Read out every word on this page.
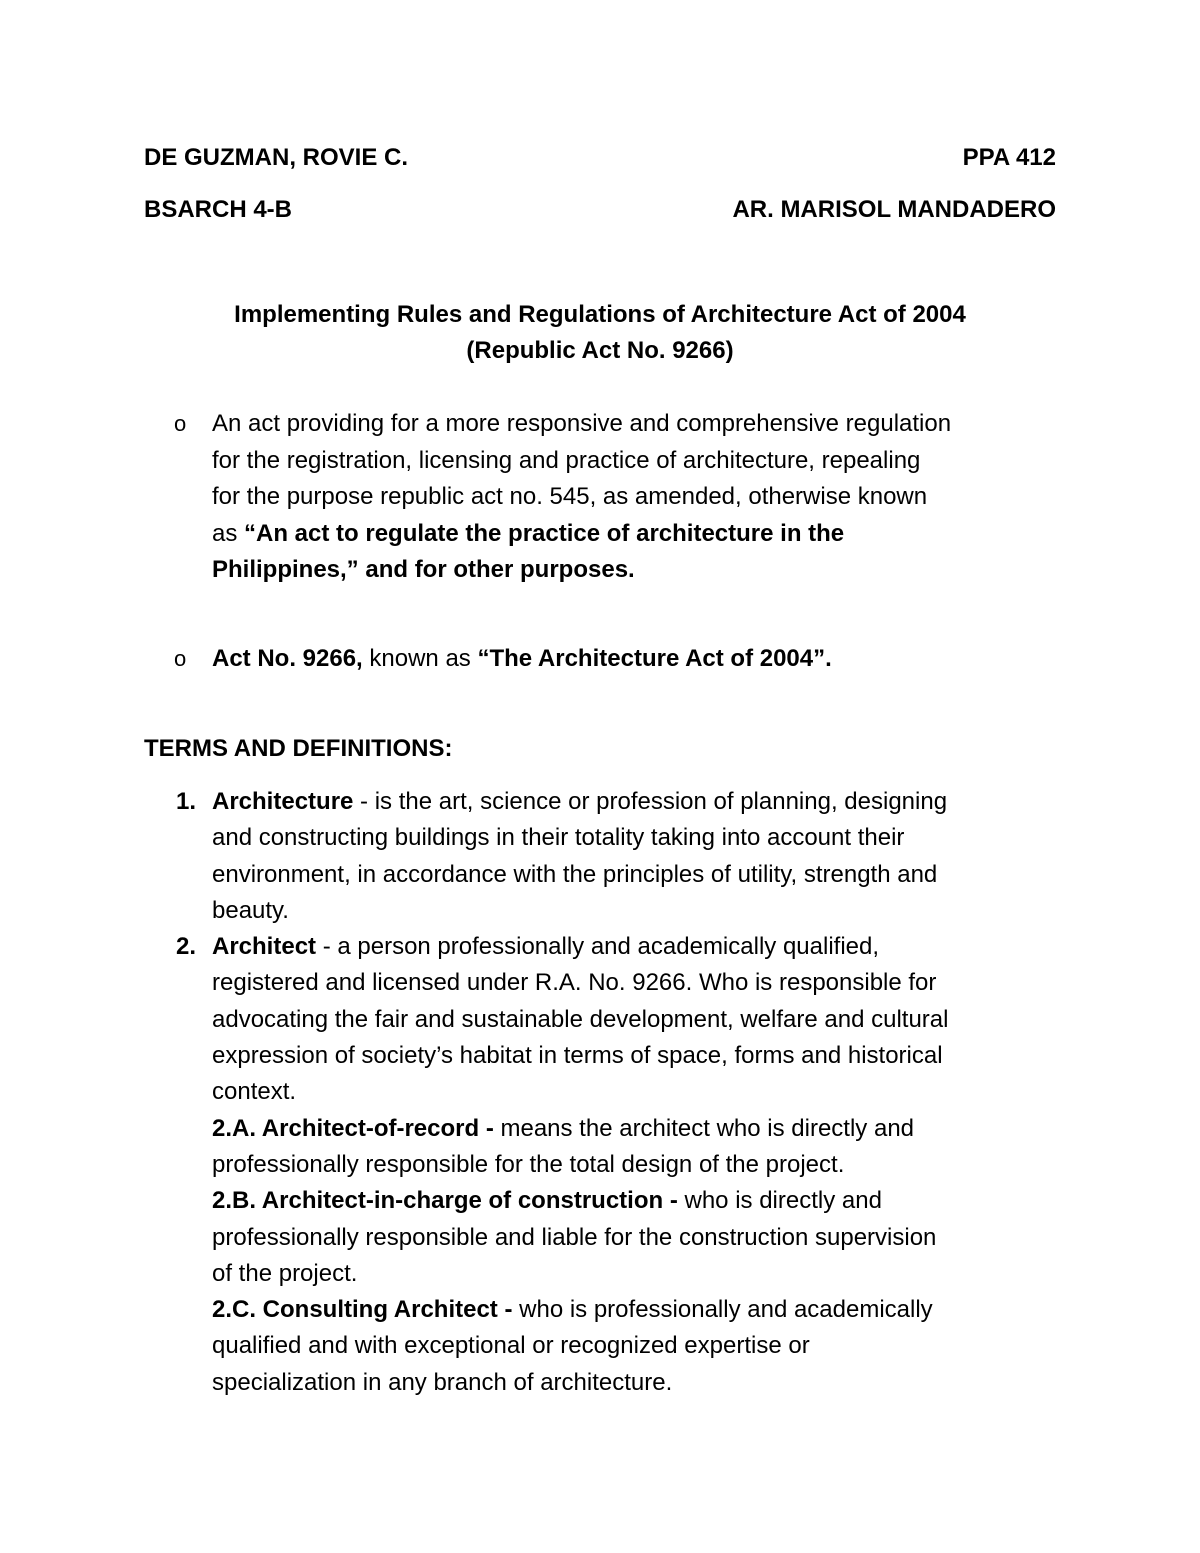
DE GUZMAN, ROVIE C.	PPA 412
BSARCH 4-B	AR. MARISOL MANDADERO
Implementing Rules and Regulations of Architecture Act of 2004
(Republic Act No. 9266)
o An act providing for a more responsive and comprehensive regulation
for the registration, licensing and practice of architecture, repealing
for the purpose republic act no. 545, as amended, otherwise known
as “An act to regulate the practice of architecture in the
Philippines,” and for other purposes.
o Act No. 9266, known as “The Architecture Act of 2004”.
TERMS AND DEFINITIONS:
1. Architecture - is the art, science or profession of planning, designing
and constructing buildings in their totality taking into account their
environment, in accordance with the principles of utility, strength and
beauty.
2. Architect - a person professionally and academically qualified,
registered and licensed under R.A. No. 9266. Who is responsible for
advocating the fair and sustainable development, welfare and cultural
expression of society’s habitat in terms of space, forms and historical
context.
2.A. Architect-of-record - means the architect who is directly and
professionally responsible for the total design of the project.
2.B. Architect-in-charge of construction - who is directly and
professionally responsible and liable for the construction supervision
of the project.
2.C. Consulting Architect - who is professionally and academically
qualified and with exceptional or recognized expertise or
specialization in any branch of architecture.
